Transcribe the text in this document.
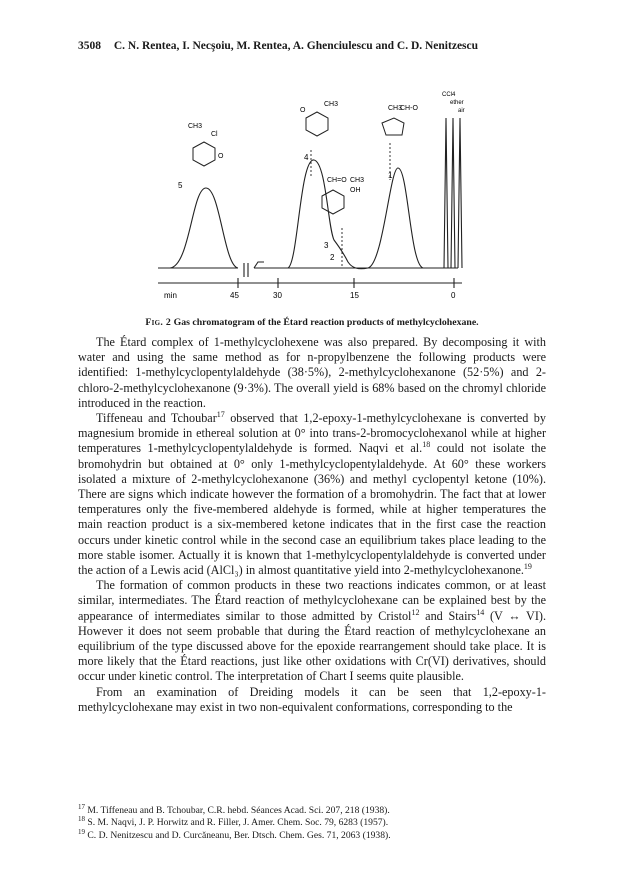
3508 C. N. Rentea, I. Necşoiu, M. Rentea, A. Ghenciulescu and C. D. Nenitzescu
min	45	30	15	0
5
4
3
2
1
CH3
Cl
O
CH3
O
CH3
CH=O
CH3
OH
CH-O
CCl4
ether
air
Fig. 2 Gas chromatogram of the Étard reaction products of methylcyclohexane.

The Étard complex of 1-methylcyclohexene was also prepared. By decomposing it with water and using the same method as for n-propylbenzene the following products were identified: 1-methylcyclopentylaldehyde (38·5%), 2-methylcyclohexanone (52·5%) and 2-chloro-2-methylcyclohexanone (9·3%). The overall yield is 68% based on the chromyl chloride introduced in the reaction.

Tiffeneau and Tchoubar$^{17}$ observed that 1,2-epoxy-1-methylcyclohexane is converted by magnesium bromide in ethereal solution at 0° into trans-2-bromocyclohexanol while at higher temperatures 1-methylcyclopentylaldehyde is formed. Naqvi et al.$^{18}$ could not isolate the bromohydrin but obtained at 0° only 1-methylcyclopentylaldehyde. At 60° these workers isolated a mixture of 2-methylcyclohexanone (36%) and methyl cyclopentyl ketone (10%). There are signs which indicate however the formation of a bromohydrin. The fact that at lower temperatures only the five-membered aldehyde is formed, while at higher temperatures the main reaction product is a six-membered ketone indicates that in the first case the reaction occurs under kinetic control while in the second case an equilibrium takes place leading to the more stable isomer. Actually it is known that 1-methylcyclopentylaldehyde is converted under the action of a Lewis acid (AlCl₃) in almost quantitative yield into 2-methylcyclohexanone.$^{19}$

The formation of common products in these two reactions indicates common, or at least similar, intermediates. The Étard reaction of methylcyclohexane can be explained best by the appearance of intermediates similar to those admitted by Cristol$^{12}$ and Stairs$^{14}$ (V ↔ VI). However it does not seem probable that during the Étard reaction of methylcyclohexane an equilibrium of the type discussed above for the epoxide rearrangement should take place. It is more likely that the Étard reactions, just like other oxidations with Cr(VI) derivatives, should occur under kinetic control. The interpretation of Chart I seems quite plausible.

From an examination of Dreiding models it can be seen that 1,2-epoxy-1-methylcyclohexane may exist in two non-equivalent conformations, corresponding to the

$^{17}$ M. Tiffeneau and B. Tchoubar, C.R. hebd. Séances Acad. Sci. 207, 218 (1938).
$^{18}$ S. M. Naqvi, J. P. Horwitz and R. Filler, J. Amer. Chem. Soc. 79, 6283 (1957).
$^{19}$ C. D. Nenitzescu and D. Curcăneanu, Ber. Dtsch. Chem. Ges. 71, 2063 (1938).
